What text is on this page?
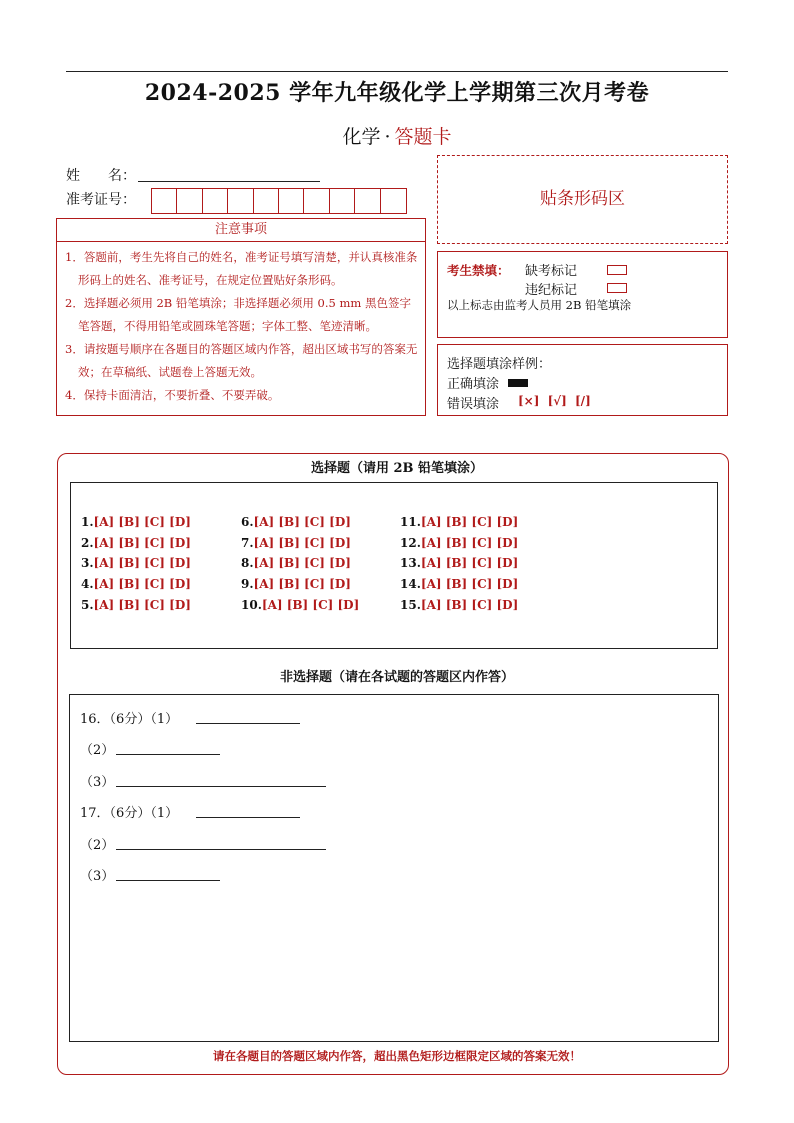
2024-2025 学年九年级化学上学期第三次月考卷
化学 · 答题卡
姓　　名：
准考证号：
注意事项
1．答题前，考生先将自己的姓名，准考证号填写清楚，并认真核准条形码上的姓名、准考证号，在规定位置贴好条形码。
2．选择题必须用 2B 铅笔填涂；非选择题必须用 0.5 mm 黑色签字笔答题，不得用铅笔或圆珠笔答题；字体工整、笔迹清晰。
3．请按题号顺序在各题目的答题区域内作答，超出区域书写的答案无效；在草稿纸、试题卷上答题无效。
4．保持卡面清洁，不要折叠、不要弄破。
贴条形码区
考生禁填： 缺考标记
违纪标记
以上标志由监考人员用 2B 铅笔填涂
选择题填涂样例：
正确填涂
错误填涂 [×] [√] [/]
选择题（请用 2B 铅笔填涂）
1.[A] [B] [C] [D]
2.[A] [B] [C] [D]
3.[A] [B] [C] [D]
4.[A] [B] [C] [D]
5.[A] [B] [C] [D]
6.[A] [B] [C] [D]
7.[A] [B] [C] [D]
8.[A] [B] [C] [D]
9.[A] [B] [C] [D]
10.[A] [B] [C] [D]
11.[A] [B] [C] [D]
12.[A] [B] [C] [D]
13.[A] [B] [C] [D]
14.[A] [B] [C] [D]
15.[A] [B] [C] [D]
非选择题（请在各试题的答题区内作答）
16．（6分）（1）
（2）
（3）
17．（6分）（1）
（2）
（3）
请在各题目的答题区域内作答，超出黑色矩形边框限定区域的答案无效！
